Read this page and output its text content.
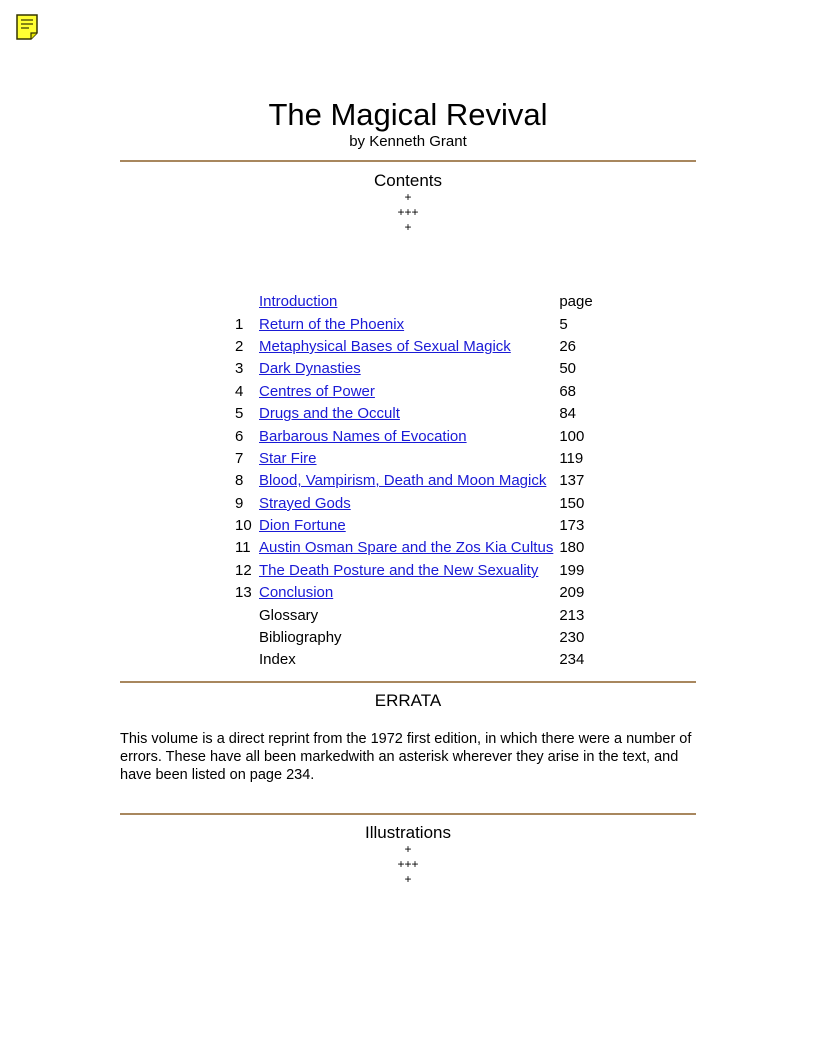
The Magical Revival
by Kenneth Grant
Contents
+
+++
+
	Introduction	page
1	Return of the Phoenix	5
2	Metaphysical Bases of Sexual Magick	26
3	Dark Dynasties	50
4	Centres of Power	68
5	Drugs and the Occult	84
6	Barbarous Names of Evocation	100
7	Star Fire	119
8	Blood, Vampirism, Death and Moon Magick	137
9	Strayed Gods	150
10	Dion Fortune	173
11	Austin Osman Spare and the Zos Kia Cultus	180
12	The Death Posture and the New Sexuality	199
13	Conclusion	209
	Glossary	213
	Bibliography	230
	Index	234
ERRATA
This volume is a direct reprint from the 1972 first edition, in which there were a number of errors. These have all been markedwith an asterisk wherever they arise in the text, and have been listed on page 234.
Illustrations
+
+++
+
